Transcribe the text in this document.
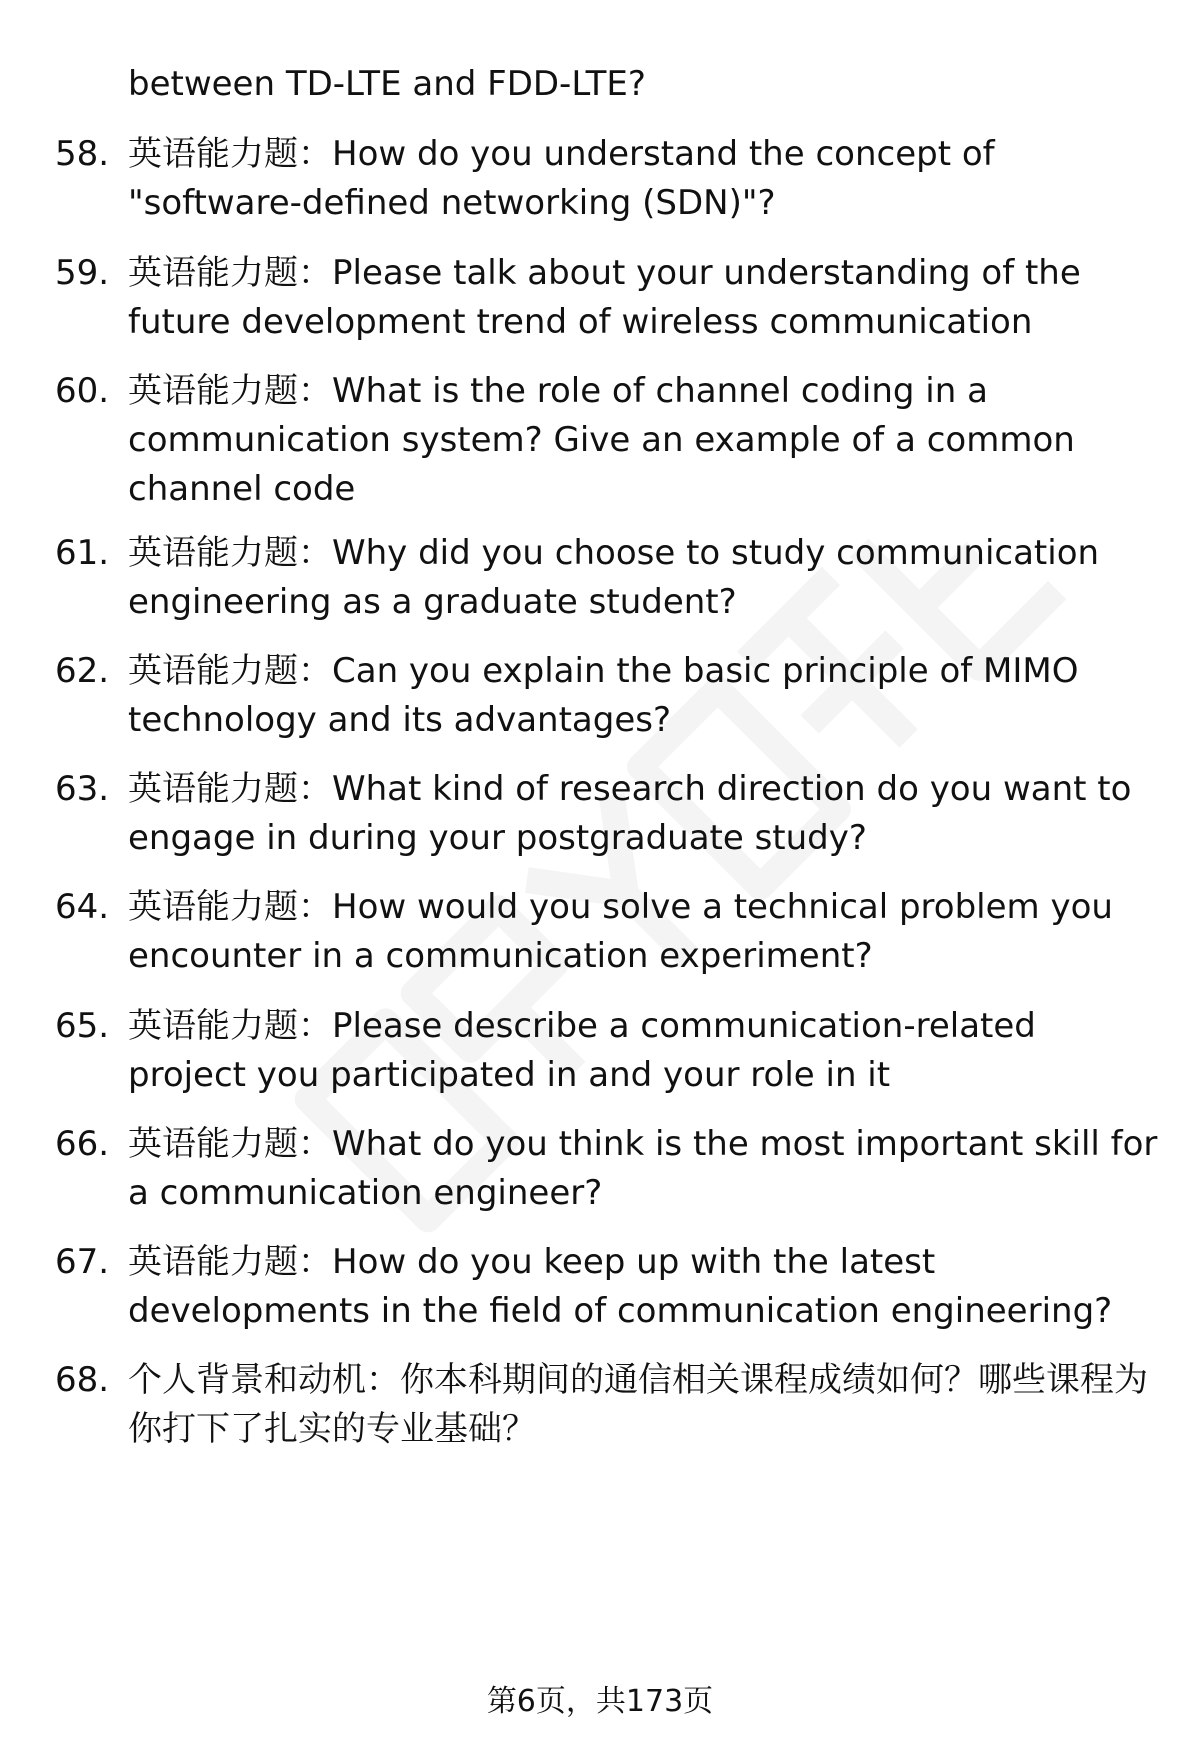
between TD-LTE and FDD-LTE?
58. 英语能力题：How do you understand the concept of "software-defined networking (SDN)"?
59. 英语能力题：Please talk about your understanding of the future development trend of wireless communication
60. 英语能力题：What is the role of channel coding in a communication system? Give an example of a common channel code
61. 英语能力题：Why did you choose to study communication engineering as a graduate student?
62. 英语能力题：Can you explain the basic principle of MIMO technology and its advantages?
63. 英语能力题：What kind of research direction do you want to engage in during your postgraduate study?
64. 英语能力题：How would you solve a technical problem you encounter in a communication experiment?
65. 英语能力题：Please describe a communication-related project you participated in and your role in it
66. 英语能力题：What do you think is the most important skill for a communication engineer?
67. 英语能力题：How do you keep up with the latest developments in the field of communication engineering?
68. 个人背景和动机：你本科期间的通信相关课程成绩如何？哪些课程为你打下了扎实的专业基础？
第6页，共173页
